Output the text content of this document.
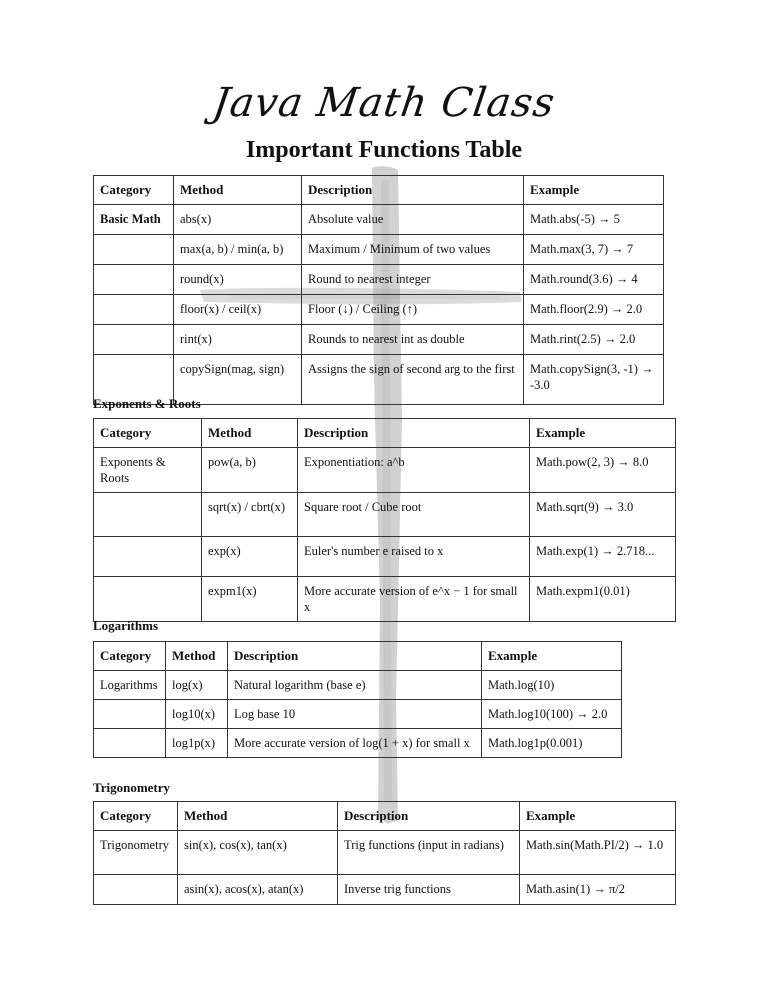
Java Math Class
Important Functions Table
Category	Method	Description	Example
Basic Math	abs(x)	Absolute value	Math.abs(-5) → 5
	max(a, b) / min(a, b)	Maximum / Minimum of two values	Math.max(3, 7) → 7
	round(x)	Round to nearest integer	Math.round(3.6) → 4
	floor(x) / ceil(x)	Floor (↓) / Ceiling (↑)	Math.floor(2.9) → 2.0
	rint(x)	Rounds to nearest int as double	Math.rint(2.5) → 2.0
	copySign(mag, sign)	Assigns the sign of second arg to the first	Math.copySign(3, -1) → -3.0
Exponents & Roots
Category	Method	Description	Example
Exponents & Roots	pow(a, b)	Exponentiation: a^b	Math.pow(2, 3) → 8.0
	sqrt(x) / cbrt(x)	Square root / Cube root	Math.sqrt(9) → 3.0
	exp(x)	Euler's number e raised to x	Math.exp(1) → 2.718...
	expm1(x)	More accurate version of e^x − 1 for small x	Math.expm1(0.01)
Logarithms
Category	Method	Description	Example
Logarithms	log(x)	Natural logarithm (base e)	Math.log(10)
	log10(x)	Log base 10	Math.log10(100) → 2.0
	log1p(x)	More accurate version of log(1 + x) for small x	Math.log1p(0.001)
Trigonometry
Category	Method	Description	Example
Trigonometry	sin(x), cos(x), tan(x)	Trig functions (input in radians)	Math.sin(Math.PI/2) → 1.0
	asin(x), acos(x), atan(x)	Inverse trig functions	Math.asin(1) → π/2
